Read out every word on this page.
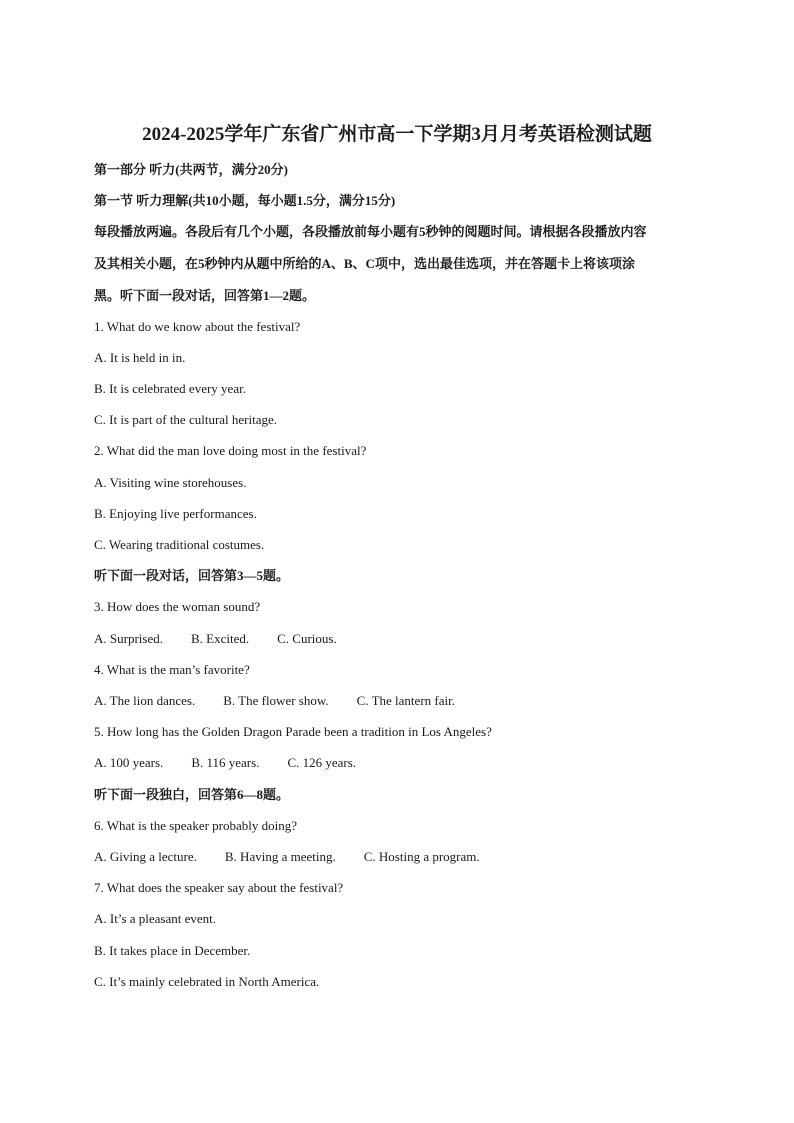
2024-2025学年广东省广州市高一下学期3月月考英语检测试题
第一部分 听力(共两节，满分20分)
第一节 听力理解(共10小题，每小题1.5分，满分15分)
每段播放两遍。各段后有几个小题，各段播放前每小题有5秒钟的阅题时间。请根据各段播放内容
及其相关小题，在5秒钟内从题中所给的A、B、C项中，选出最佳选项，并在答题卡上将该项涂
黑。听下面一段对话，回答第1—2题。
1. What do we know about the festival?
A. It is held in in.
B. It is celebrated every year.
C. It is part of the cultural heritage.
2. What did the man love doing most in the festival?
A. Visiting wine storehouses.
B. Enjoying live performances.
C. Wearing traditional costumes.
听下面一段对话，回答第3—5题。
3. How does the woman sound?
A. Surprised. B. Excited. C. Curious.
4. What is the man’s favorite?
A. The lion dances. B. The flower show. C. The lantern fair.
5. How long has the Golden Dragon Parade been a tradition in Los Angeles?
A. 100 years. B. 116 years. C. 126 years.
听下面一段独白，回答第6—8题。
6. What is the speaker probably doing?
A. Giving a lecture. B. Having a meeting. C. Hosting a program.
7. What does the speaker say about the festival?
A. It’s a pleasant event.
B. It takes place in December.
C. It’s mainly celebrated in North America.
